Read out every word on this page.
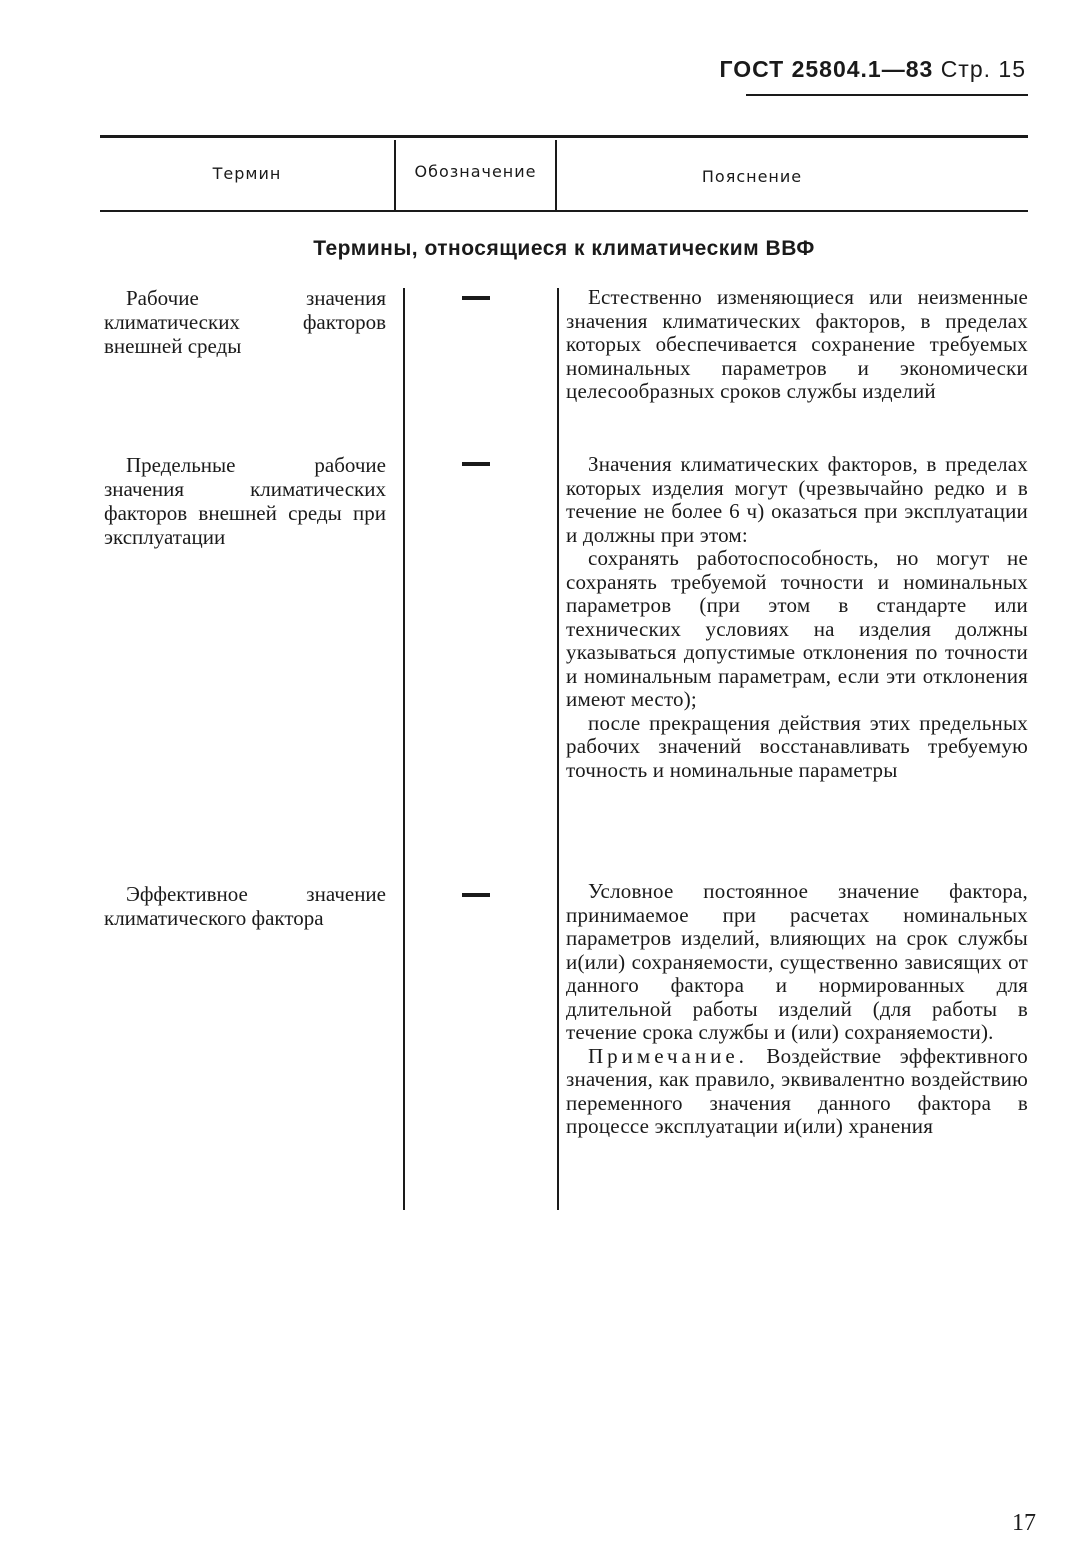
ГОСТ 25804.1—83 Стр. 15
Термин	Обозначение	Пояснение
Термины, относящиеся к климатическим ВВФ

Рабочие значения климатических факторов внешней среды

Естественно изменяющиеся или неизменные значения климатических факторов, в пределах которых обеспечивается сохранение требуемых номинальных параметров и экономически целесообразных сроков службы изделий

Предельные рабочие значения климатических факторов внешней среды при эксплуатации

Значения климатических факторов, в пределах которых изделия могут (чрезвычайно редко и в течение не более 6 ч) оказаться при эксплуатации и должны при этом:

сохранять работоспособность, но могут не сохранять требуемой точности и номинальных параметров (при этом в стандарте или технических условиях на изделия должны указываться допустимые отклонения по точности и номинальным параметрам, если эти отклонения имеют место);

после прекращения действия этих предельных рабочих значений восстанавливать требуемую точность и номинальные параметры

Эффективное значение климатического фактора

Условное постоянное значение фактора, принимаемое при расчетах номинальных параметров изделий, влияющих на срок службы и(или) сохраняемости, существенно зависящих от данного фактора и нормированных для длительной работы изделий (для работы в течение срока службы и (или) сохраняемости).

Примечание. Воздействие эффективного значения, как правило, эквивалентно воздействию переменного значения данного фактора в процессе эксплуатации и(или) хранения

17
